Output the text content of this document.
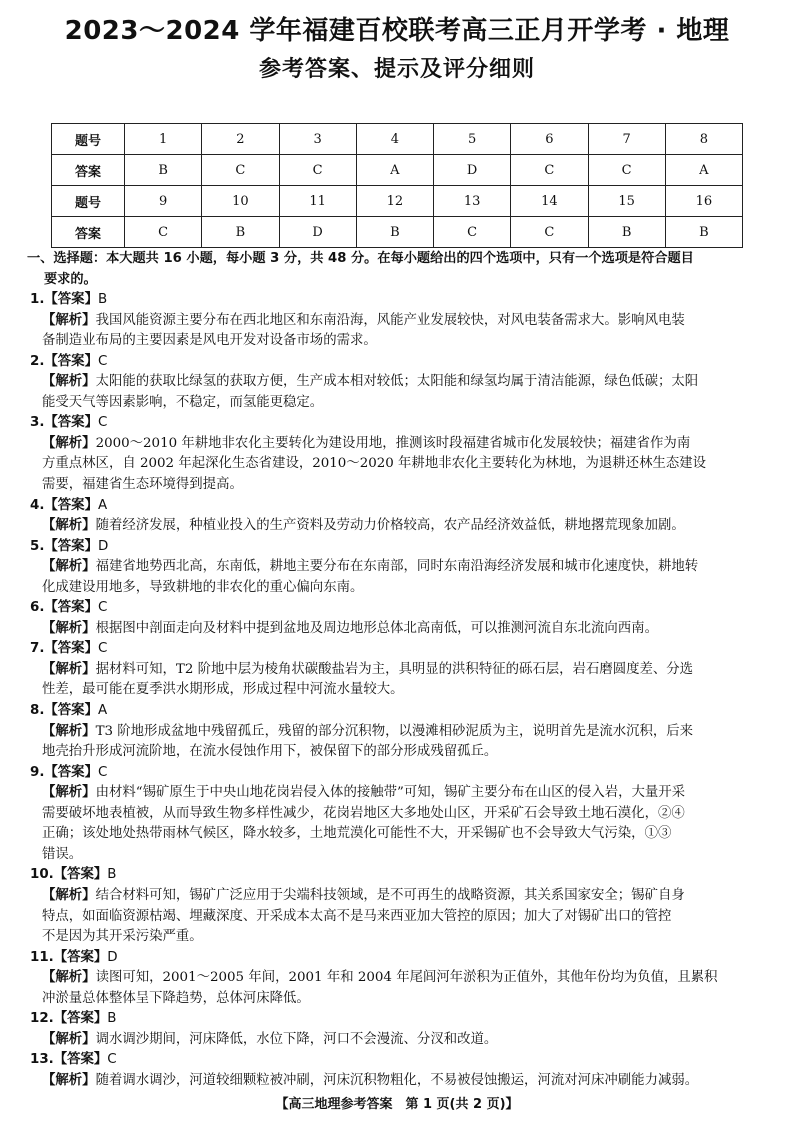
2023～2024 学年福建百校联考高三正月开学考 · 地理
参考答案、提示及评分细则
题号	1	2	3	4	5	6	7	8
答案	B	C	C	A	D	C	C	A
题号	9	10	11	12	13	14	15	16
答案	C	B	D	B	C	C	B	B

一、选择题：本大题共 16 小题，每小题 3 分，共 48 分。在每小题给出的四个选项中，只有一个选项是符合题目

要求的。

1.【答案】B

【解析】我国风能资源主要分布在西北地区和东南沿海，风能产业发展较快，对风电装备需求大。影响风电装

备制造业布局的主要因素是风电开发对设备市场的需求。

2.【答案】C

【解析】太阳能的获取比绿氢的获取方便，生产成本相对较低；太阳能和绿氢均属于清洁能源，绿色低碳；太阳

能受天气等因素影响，不稳定，而氢能更稳定。

3.【答案】C

【解析】2000～2010 年耕地非农化主要转化为建设用地，推测该时段福建省城市化发展较快；福建省作为南

方重点林区，自 2002 年起深化生态省建设，2010～2020 年耕地非农化主要转化为林地，为退耕还林生态建设

需要，福建省生态环境得到提高。

4.【答案】A

【解析】随着经济发展，种植业投入的生产资料及劳动力价格较高，农产品经济效益低，耕地撂荒现象加剧。

5.【答案】D

【解析】福建省地势西北高，东南低，耕地主要分布在东南部，同时东南沿海经济发展和城市化速度快，耕地转

化成建设用地多，导致耕地的非农化的重心偏向东南。

6.【答案】C

【解析】根据图中剖面走向及材料中提到盆地及周边地形总体北高南低，可以推测河流自东北流向西南。

7.【答案】C

【解析】据材料可知，T2 阶地中层为棱角状碳酸盐岩为主，具明显的洪积特征的砾石层，岩石磨圆度差、分选

性差，最可能在夏季洪水期形成，形成过程中河流水量较大。

8.【答案】A

【解析】T3 阶地形成盆地中残留孤丘，残留的部分沉积物，以漫滩相砂泥质为主，说明首先是流水沉积，后来

地壳抬升形成河流阶地，在流水侵蚀作用下，被保留下的部分形成残留孤丘。

9.【答案】C

【解析】由材料“锡矿原生于中央山地花岗岩侵入体的接触带”可知，锡矿主要分布在山区的侵入岩，大量开采

需要破坏地表植被，从而导致生物多样性减少，花岗岩地区大多地处山区，开采矿石会导致土地石漠化，②④

正确；该处地处热带雨林气候区，降水较多，土地荒漠化可能性不大，开采锡矿也不会导致大气污染，①③

错误。

10.【答案】B

【解析】结合材料可知，锡矿广泛应用于尖端科技领域，是不可再生的战略资源，其关系国家安全；锡矿自身

特点，如面临资源枯竭、埋藏深度、开采成本太高不是马来西亚加大管控的原因；加大了对锡矿出口的管控

不是因为其开采污染严重。

11.【答案】D

【解析】读图可知，2001～2005 年间，2001 年和 2004 年尾闾河年淤积为正值外，其他年份均为负值，且累积

冲淤量总体整体呈下降趋势，总体河床降低。

12.【答案】B

【解析】调水调沙期间，河床降低，水位下降，河口不会漫流、分汊和改道。

13.【答案】C

【解析】随着调水调沙，河道较细颗粒被冲刷，河床沉积物粗化，不易被侵蚀搬运，河流对河床冲刷能力减弱。

【高三地理参考答案　第 1 页(共 2 页)】
